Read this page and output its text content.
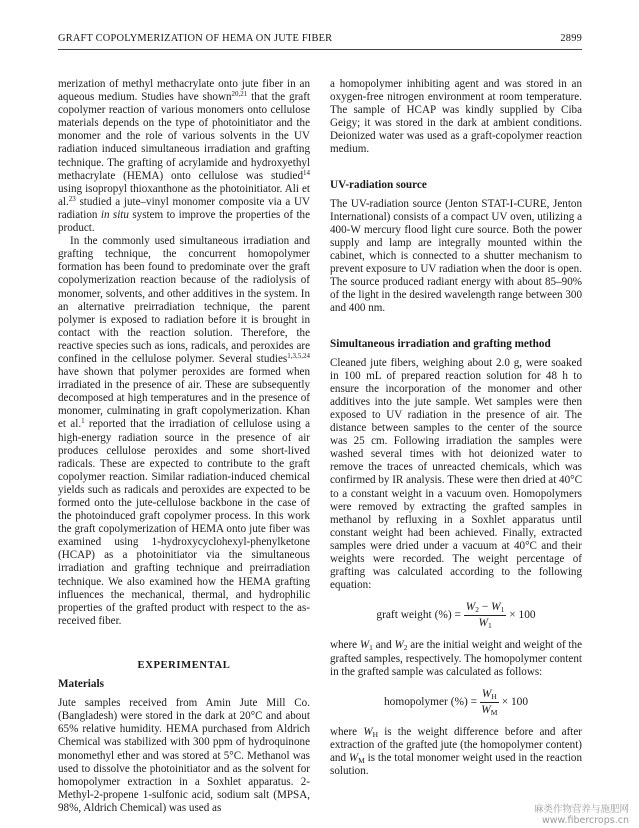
GRAFT COPOLYMERIZATION OF HEMA ON JUTE FIBER	2899

merization of methyl methacrylate onto jute fiber in an aqueous medium. Studies have shown$^{20,21}$ that the graft copolymer reaction of various monomers onto cellulose materials depends on the type of photoinitiator and the monomer and the role of various solvents in the UV radiation induced simultaneous irradiation and grafting technique. The grafting of acrylamide and hydroxyethyl methacrylate (HEMA) onto cellulose was studied$^{14}$ using isopropyl thioxanthone as the photoinitiator. Ali et al.$^{23}$ studied a jute–vinyl monomer composite via a UV radiation in situ system to improve the properties of the product.

In the commonly used simultaneous irradiation and grafting technique, the concurrent homopolymer formation has been found to predominate over the graft copolymerization reaction because of the radiolysis of monomer, solvents, and other additives in the system. In an alternative preirradiation technique, the parent polymer is exposed to radiation before it is brought in contact with the reaction solution. Therefore, the reactive species such as ions, radicals, and peroxides are confined in the cellulose polymer. Several studies$^{1,3,5,24}$ have shown that polymer peroxides are formed when irradiated in the presence of air. These are subsequently decomposed at high temperatures and in the presence of monomer, culminating in graft copolymerization. Khan et al.$^1$ reported that the irradiation of cellulose using a high-energy radiation source in the presence of air produces cellulose peroxides and some short-lived radicals. These are expected to contribute to the graft copolymer reaction. Similar radiation-induced chemical yields such as radicals and peroxides are expected to be formed onto the jute-cellulose backbone in the case of the photoinduced graft copolymer process. In this work the graft copolymerization of HEMA onto jute fiber was examined using 1-hydroxycyclohexyl-phenylketone (HCAP) as a photoinitiator via the simultaneous irradiation and grafting technique and preirradiation technique. We also examined how the HEMA grafting influences the mechanical, thermal, and hydrophilic properties of the grafted product with respect to the as-received fiber.

EXPERIMENTAL

Materials

Jute samples received from Amin Jute Mill Co. (Bangladesh) were stored in the dark at 20°C and about 65% relative humidity. HEMA purchased from Aldrich Chemical was stabilized with 300 ppm of hydroquinone monomethyl ether and was stored at 5°C. Methanol was used to dissolve the photoinitiator and as the solvent for homopolymer extraction in a Soxhlet apparatus. 2-Methyl-2-propene 1-sulfonic acid, sodium salt (MPSA, 98%, Aldrich Chemical) was used as

a homopolymer inhibiting agent and was stored in an oxygen-free nitrogen environment at room temperature. The sample of HCAP was kindly supplied by Ciba Geigy; it was stored in the dark at ambient conditions. Deionized water was used as a graft-copolymer reaction medium.

UV-radiation source

The UV-radiation source (Jenton STAT-I-CURE, Jenton International) consists of a compact UV oven, utilizing a 400-W mercury flood light cure source. Both the power supply and lamp are integrally mounted within the cabinet, which is connected to a shutter mechanism to prevent exposure to UV radiation when the door is open. The source produced radiant energy with about 85–90% of the light in the desired wavelength range between 300 and 400 nm.

Simultaneous irradiation and grafting method

Cleaned jute fibers, weighing about 2.0 g, were soaked in 100 mL of prepared reaction solution for 48 h to ensure the incorporation of the monomer and other additives into the jute sample. Wet samples were then exposed to UV radiation in the presence of air. The distance between samples to the center of the source was 25 cm. Following irradiation the samples were washed several times with hot deionized water to remove the traces of unreacted chemicals, which was confirmed by IR analysis. These were then dried at 40°C to a constant weight in a vacuum oven. Homopolymers were removed by extracting the grafted samples in methanol by refluxing in a Soxhlet apparatus until constant weight had been achieved. Finally, extracted samples were dried under a vacuum at 40°C and their weights were recorded. The weight percentage of grafting was calculated according to the following equation:

graft weight (%) = $\frac{W_2 - W_1}{W_1} \times 100$

where $W_1$ and $W_2$ are the initial weight and weight of the grafted samples, respectively. The homopolymer content in the grafted sample was calculated as follows:

homopolymer (%) = $\frac{W_H}{W_M} \times 100$

where $W_H$ is the weight difference before and after extraction of the grafted jute (the homopolymer content) and $W_M$ is the total monomer weight used in the reaction solution.

麻类作物营养与施肥网
www.fibercrops.cn
